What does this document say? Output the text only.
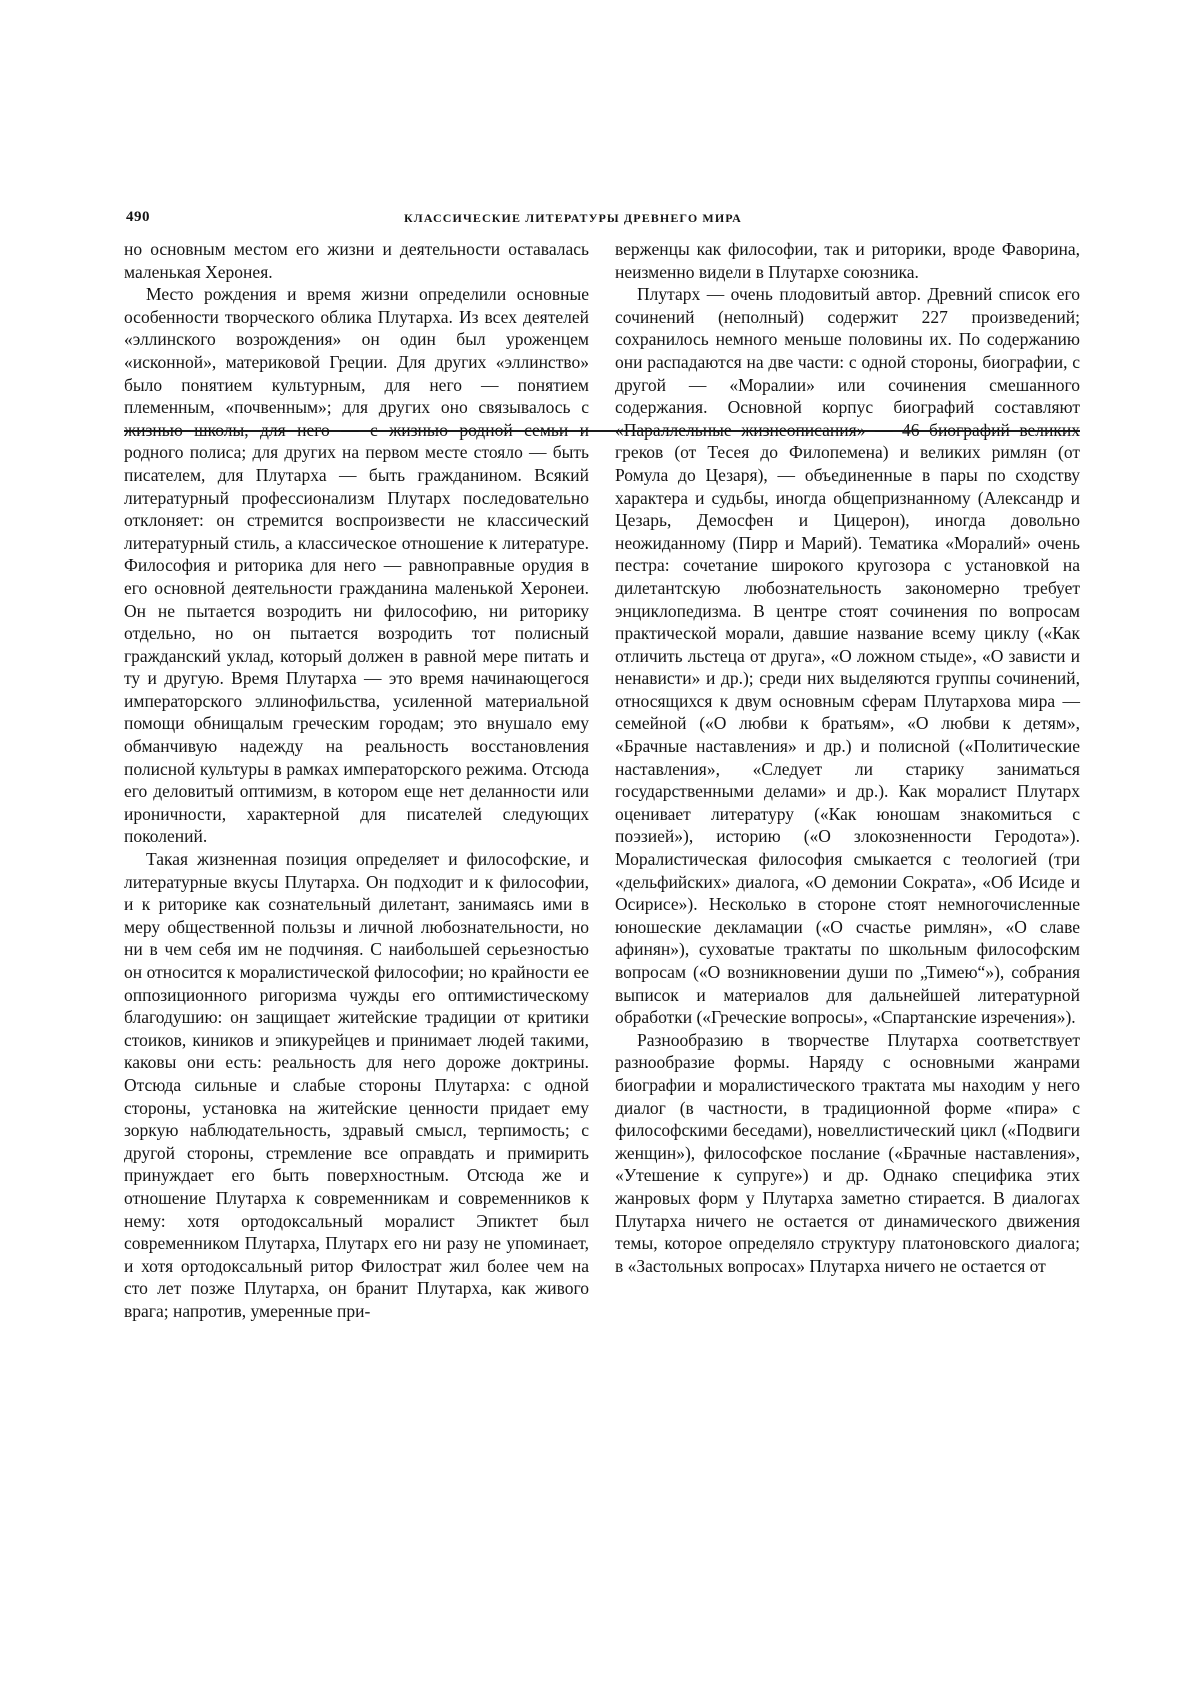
490	КЛАССИЧЕСКИЕ ЛИТЕРАТУРЫ ДРЕВНЕГО МИРА

но основным местом его жизни и деятельности оставалась маленькая Херонея.

Место рождения и время жизни определили основные особенности творческого облика Плутарха. Из всех деятелей «эллинского возрождения» он один был уроженцем «исконной», материковой Греции. Для других «эллинство» было понятием культурным, для него — понятием племенным, «почвенным»; для других оно связывалось с жизнью школы, для него — с жизнью родной семьи и родного полиса; для других на первом месте стояло — быть писателем, для Плутарха — быть гражданином. Всякий литературный профессионализм Плутарх последовательно отклоняет: он стремится воспроизвести не классический литературный стиль, а классическое отношение к литературе. Философия и риторика для него — равноправные орудия в его основной деятельности гражданина маленькой Херонеи. Он не пытается возродить ни философию, ни риторику отдельно, но он пытается возродить тот полисный гражданский уклад, который должен в равной мере питать и ту и другую. Время Плутарха — это время начинающегося императорского эллинофильства, усиленной материальной помощи обнищалым греческим городам; это внушало ему обманчивую надежду на реальность восстановления полисной культуры в рамках императорского режима. Отсюда его деловитый оптимизм, в котором еще нет деланности или ироничности, характерной для писателей следующих поколений.

Такая жизненная позиция определяет и философские, и литературные вкусы Плутарха. Он подходит и к философии, и к риторике как сознательный дилетант, занимаясь ими в меру общественной пользы и личной любознательности, но ни в чем себя им не подчиняя. С наибольшей серьезностью он относится к моралистической философии; но крайности ее оппозиционного ригоризма чужды его оптимистическому благодушию: он защищает житейские традиции от критики стоиков, киников и эпикурейцев и принимает людей такими, каковы они есть: реальность для него дороже доктрины. Отсюда сильные и слабые стороны Плутарха: с одной стороны, установка на житейские ценности придает ему зоркую наблюдательность, здравый смысл, терпимость; с другой стороны, стремление все оправдать и примирить принуждает его быть поверхностным. Отсюда же и отношение Плутарха к современникам и современников к нему: хотя ортодоксальный моралист Эпиктет был современником Плутарха, Плутарх его ни разу не упоминает, и хотя ортодоксальный ритор Филострат жил более чем на сто лет позже Плутарха, он бранит Плутарха, как живого врага; напротив, умеренные при-

верженцы как философии, так и риторики, вроде Фаворина, неизменно видели в Плутархе союзника.

Плутарх — очень плодовитый автор. Древний список его сочинений (неполный) содержит 227 произведений; сохранилось немного меньше половины их. По содержанию они распадаются на две части: с одной стороны, биографии, с другой — «Моралии» или сочинения смешанного содержания. Основной корпус биографий составляют «Параллельные жизнеописания» — 46 биографий великих греков (от Тесея до Филопемена) и великих римлян (от Ромула до Цезаря), — объединенные в пары по сходству характера и судьбы, иногда общепризнанному (Александр и Цезарь, Демосфен и Цицерон), иногда довольно неожиданному (Пирр и Марий). Тематика «Моралий» очень пестра: сочетание широкого кругозора с установкой на дилетантскую любознательность закономерно требует энциклопедизма. В центре стоят сочинения по вопросам практической морали, давшие название всему циклу («Как отличить льстеца от друга», «О ложном стыде», «О зависти и ненависти» и др.); среди них выделяются группы сочинений, относящихся к двум основным сферам Плутархова мира — семейной («О любви к братьям», «О любви к детям», «Брачные наставления» и др.) и полисной («Политические наставления», «Следует ли старику заниматься государственными делами» и др.). Как моралист Плутарх оценивает литературу («Как юношам знакомиться с поэзией»), историю («О злокозненности Геродота»). Моралистическая философия смыкается с теологией (три «дельфийских» диалога, «О демонии Сократа», «Об Исиде и Осирисе»). Несколько в стороне стоят немногочисленные юношеские декламации («О счастье римлян», «О славе афинян»), суховатые трактаты по школьным философским вопросам («О возникновении души по „Тимею“»), собрания выписок и материалов для дальнейшей литературной обработки («Греческие вопросы», «Спартанские изречения»).

Разнообразию в творчестве Плутарха соответствует разнообразие формы. Наряду с основными жанрами биографии и моралистического трактата мы находим у него диалог (в частности, в традиционной форме «пира» с философскими беседами), новеллистический цикл («Подвиги женщин»), философское послание («Брачные наставления», «Утешение к супруге») и др. Однако специфика этих жанровых форм у Плутарха заметно стирается. В диалогах Плутарха ничего не остается от динамического движения темы, которое определяло структуру платоновского диалога; в «Застольных вопросах» Плутарха ничего не остается от
